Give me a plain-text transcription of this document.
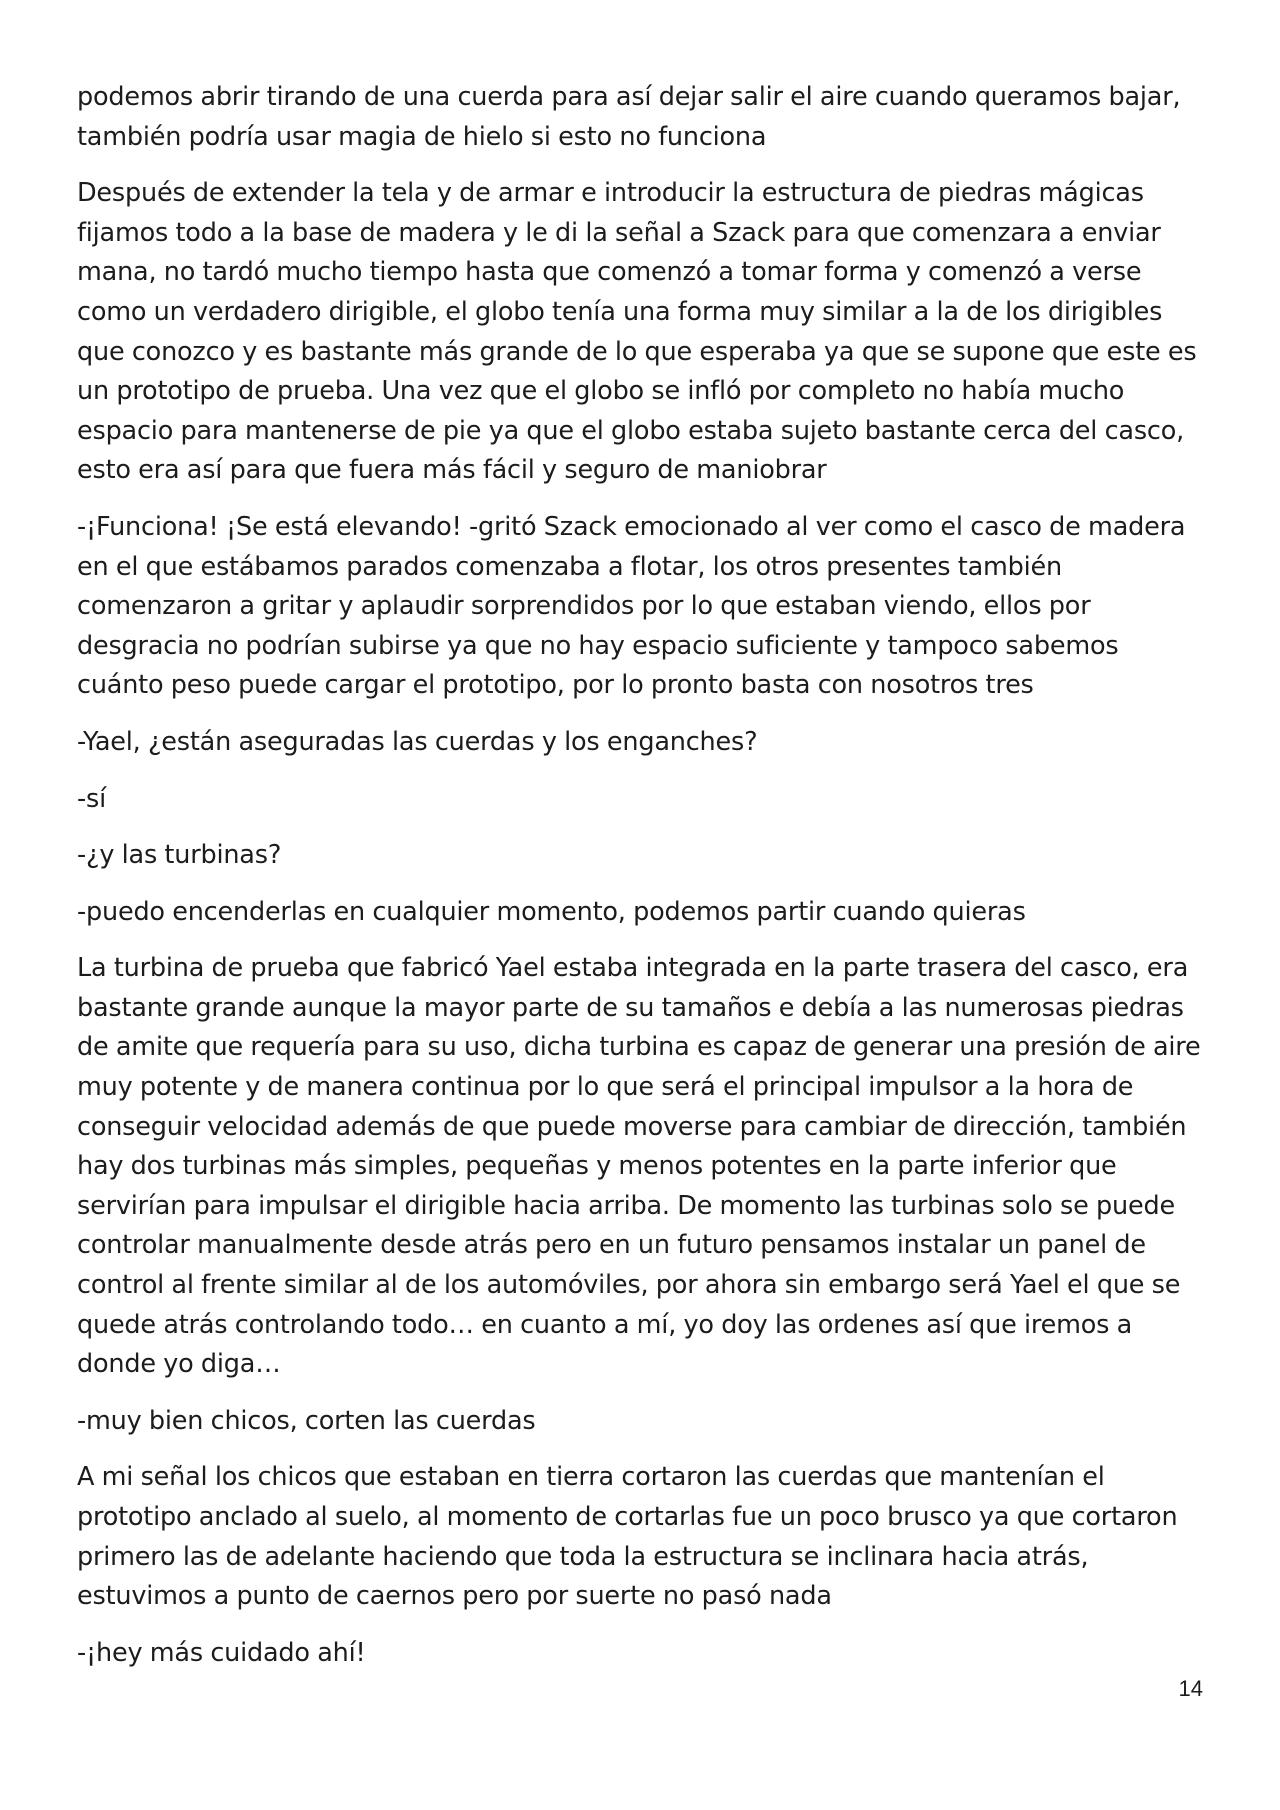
podemos abrir tirando de una cuerda para así dejar salir el aire cuando queramos bajar, también podría usar magia de hielo si esto no funciona

Después de extender la tela y de armar e introducir la estructura de piedras mágicas fijamos todo a la base de madera y le di la señal a Szack para que comenzara a enviar mana, no tardó mucho tiempo hasta que comenzó a tomar forma y comenzó a verse como un verdadero dirigible, el globo tenía una forma muy similar a la de los dirigibles que conozco y es bastante más grande de lo que esperaba ya que se supone que este es un prototipo de prueba. Una vez que el globo se infló por completo no había mucho espacio para mantenerse de pie ya que el globo estaba sujeto bastante cerca del casco, esto era así para que fuera más fácil y seguro de maniobrar

-¡Funciona! ¡Se está elevando! -gritó Szack emocionado al ver como el casco de madera en el que estábamos parados comenzaba a flotar, los otros presentes también comenzaron a gritar y aplaudir sorprendidos por lo que estaban viendo, ellos por desgracia no podrían subirse ya que no hay espacio suficiente y tampoco sabemos cuánto peso puede cargar el prototipo, por lo pronto basta con nosotros tres

-Yael, ¿están aseguradas las cuerdas y los enganches?

-sí

-¿y las turbinas?

-puedo encenderlas en cualquier momento, podemos partir cuando quieras

La turbina de prueba que fabricó Yael estaba integrada en la parte trasera del casco, era bastante grande aunque la mayor parte de su tamaños e debía a las numerosas piedras de amite que requería para su uso, dicha turbina es capaz de generar una presión de aire muy potente y de manera continua por lo que será el principal impulsor a la hora de conseguir velocidad además de que puede moverse para cambiar de dirección, también hay dos turbinas más simples, pequeñas y menos potentes en la parte inferior que servirían para impulsar el dirigible hacia arriba. De momento las turbinas solo se puede controlar manualmente desde atrás pero en un futuro pensamos instalar un panel de control al frente similar al de los automóviles, por ahora sin embargo será Yael el que se quede atrás controlando todo… en cuanto a mí, yo doy las ordenes así que iremos a donde yo diga…

-muy bien chicos, corten las cuerdas

A mi señal los chicos que estaban en tierra cortaron las cuerdas que mantenían el prototipo anclado al suelo, al momento de cortarlas fue un poco brusco ya que cortaron primero las de adelante haciendo que toda la estructura se inclinara hacia atrás, estuvimos a punto de caernos pero por suerte no pasó nada

-¡hey más cuidado ahí!

14
